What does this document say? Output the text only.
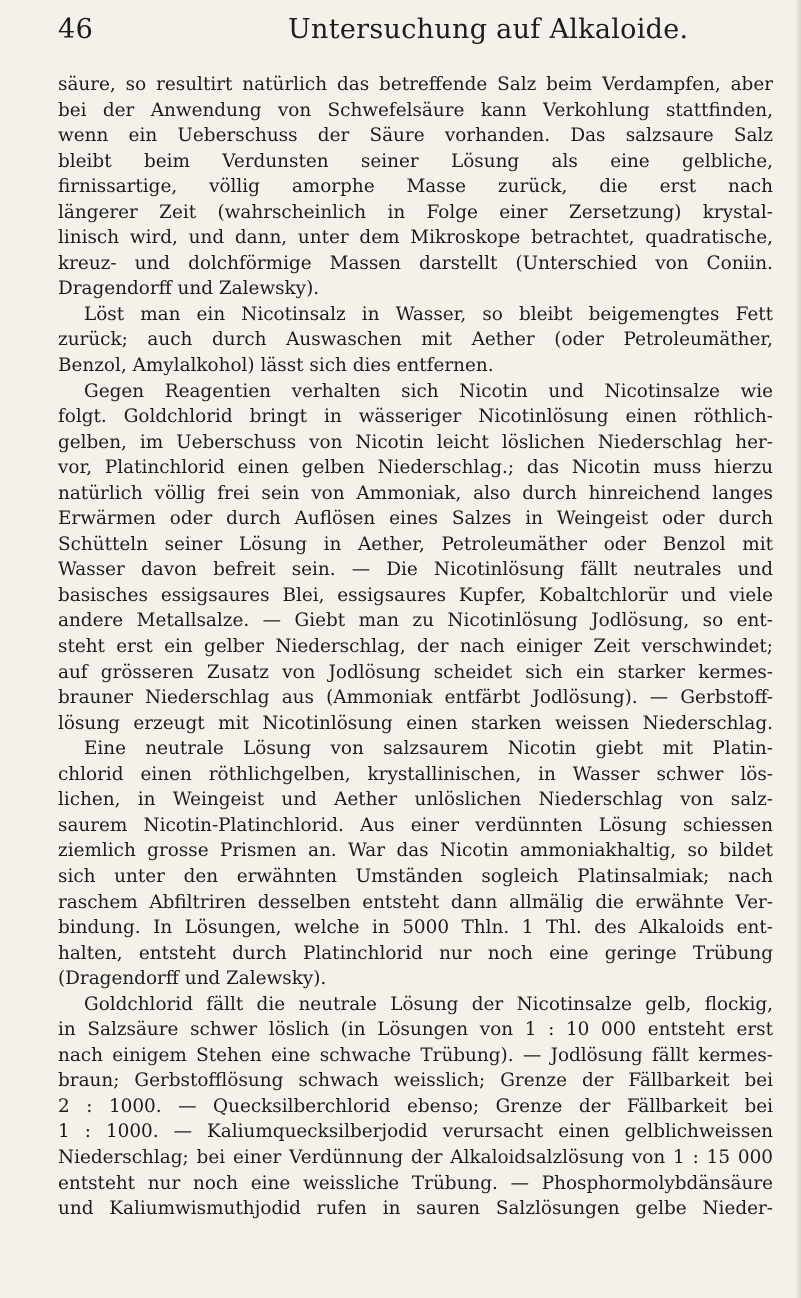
46	Untersuchung auf Alkaloide.
säure, so resultirt natürlich das betreffende Salz beim Verdampfen, aber
bei der Anwendung von Schwefelsäure kann Verkohlung stattfinden,
wenn ein Ueberschuss der Säure vorhanden. Das salzsaure Salz
bleibt beim Verdunsten seiner Lösung als eine gelbliche,
firnissartige, völlig amorphe Masse zurück, die erst nach
längerer Zeit (wahrscheinlich in Folge einer Zersetzung) krystal-
linisch wird, und dann, unter dem Mikroskope betrachtet, quadratische,
kreuz- und dolchförmige Massen darstellt (Unterschied von Coniin.
Dragendorff und Zalewsky).
Löst man ein Nicotinsalz in Wasser, so bleibt beigemengtes Fett
zurück; auch durch Auswaschen mit Aether (oder Petroleumäther,
Benzol, Amylalkohol) lässt sich dies entfernen.
Gegen Reagentien verhalten sich Nicotin und Nicotinsalze wie
folgt. Goldchlorid bringt in wässeriger Nicotinlösung einen röthlich-
gelben, im Ueberschuss von Nicotin leicht löslichen Niederschlag her-
vor, Platinchlorid einen gelben Niederschlag.; das Nicotin muss hierzu
natürlich völlig frei sein von Ammoniak, also durch hinreichend langes
Erwärmen oder durch Auflösen eines Salzes in Weingeist oder durch
Schütteln seiner Lösung in Aether, Petroleumäther oder Benzol mit
Wasser davon befreit sein. — Die Nicotinlösung fällt neutrales und
basisches essigsaures Blei, essigsaures Kupfer, Kobaltchlorür und viele
andere Metallsalze. — Giebt man zu Nicotinlösung Jodlösung, so ent-
steht erst ein gelber Niederschlag, der nach einiger Zeit verschwindet;
auf grösseren Zusatz von Jodlösung scheidet sich ein starker kermes-
brauner Niederschlag aus (Ammoniak entfärbt Jodlösung). — Gerbstoff-
lösung erzeugt mit Nicotinlösung einen starken weissen Niederschlag.
Eine neutrale Lösung von salzsaurem Nicotin giebt mit Platin-
chlorid einen röthlichgelben, krystallinischen, in Wasser schwer lös-
lichen, in Weingeist und Aether unlöslichen Niederschlag von salz-
saurem Nicotin-Platinchlorid. Aus einer verdünnten Lösung schiessen
ziemlich grosse Prismen an. War das Nicotin ammoniakhaltig, so bildet
sich unter den erwähnten Umständen sogleich Platinsalmiak; nach
raschem Abfiltriren desselben entsteht dann allmälig die erwähnte Ver-
bindung. In Lösungen, welche in 5000 Thln. 1 Thl. des Alkaloids ent-
halten, entsteht durch Platinchlorid nur noch eine geringe Trübung
(Dragendorff und Zalewsky).
Goldchlorid fällt die neutrale Lösung der Nicotinsalze gelb, flockig,
in Salzsäure schwer löslich (in Lösungen von 1 : 10 000 entsteht erst
nach einigem Stehen eine schwache Trübung). — Jodlösung fällt kermes-
braun; Gerbstofflösung schwach weisslich; Grenze der Fällbarkeit bei
2 : 1000. — Quecksilberchlorid ebenso; Grenze der Fällbarkeit bei
1 : 1000. — Kaliumquecksilberjodid verursacht einen gelblichweissen
Niederschlag; bei einer Verdünnung der Alkaloidsalzlösung von 1 : 15 000
entsteht nur noch eine weissliche Trübung. — Phosphormolybdänsäure
und Kaliumwismuthjodid rufen in sauren Salzlösungen gelbe Nieder-
